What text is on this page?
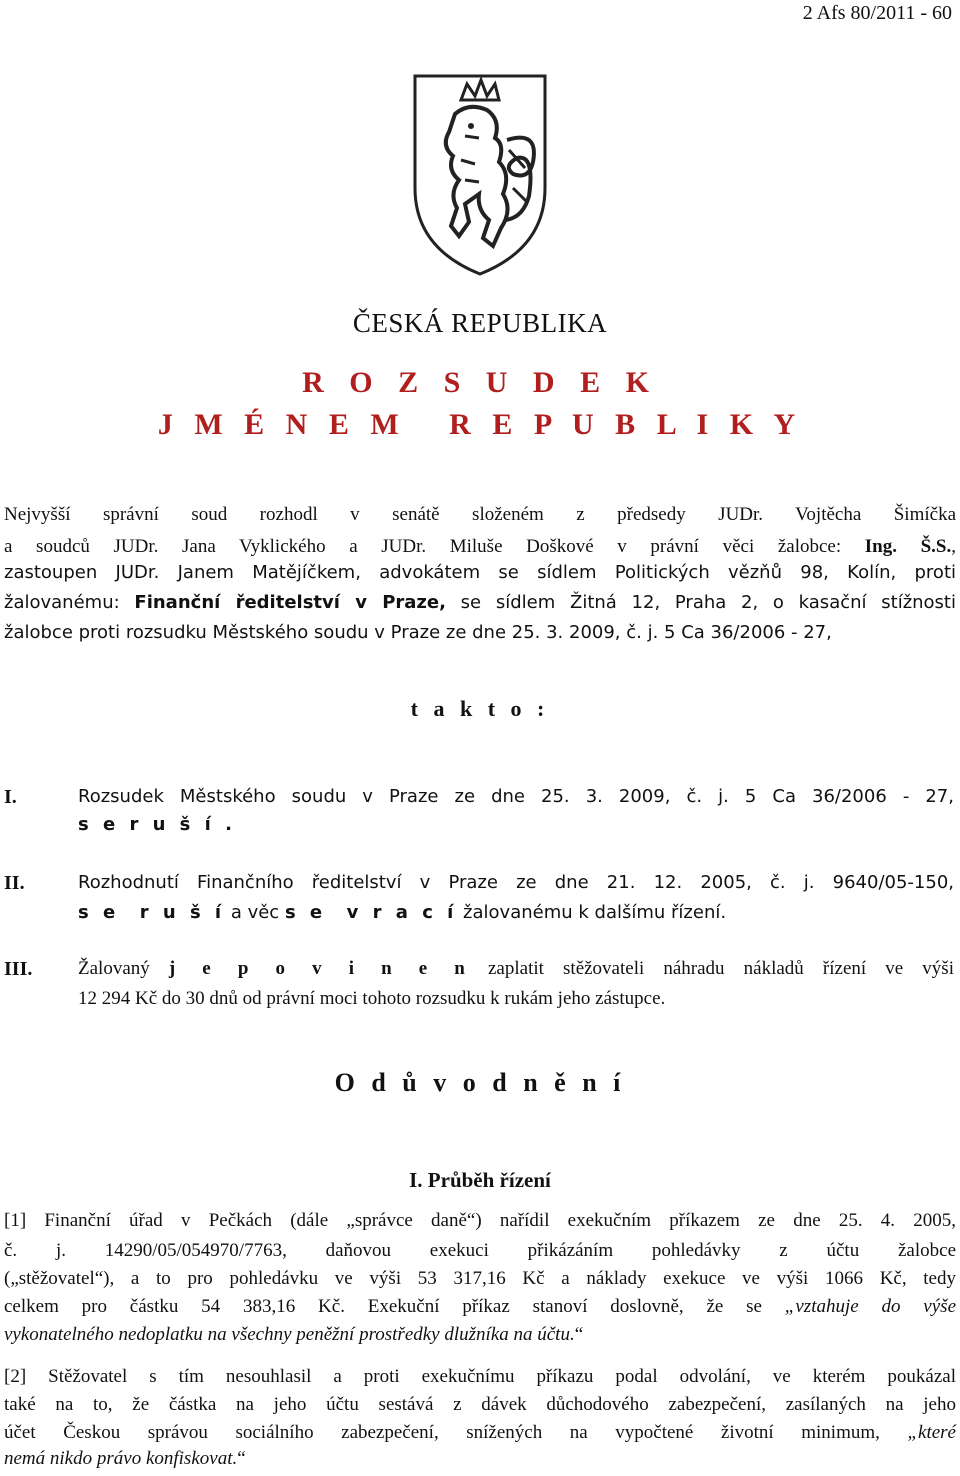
2 Afs 80/2011 - 60
ČESKÁ REPUBLIKA
R O Z S U D E K
J M É N E M   R E P U B L I K Y
Nejvyšší správní soud rozhodl v senátě složeném z předsedy JUDr. Vojtěcha Šimíčka
a soudců JUDr. Jana Vyklického a JUDr. Miluše Doškové v právní věci žalobce: Ing. Š.S.,
zastoupen JUDr. Janem Matějíčkem, advokátem se sídlem Politických vězňů 98, Kolín, proti
žalovanému: Finanční ředitelství v Praze, se sídlem Žitná 12, Praha 2, o kasační stížnosti
žalobce proti rozsudku Městského soudu v Praze ze dne 25. 3. 2009, č. j. 5 Ca 36/2006 - 27,
t a k t o :
I.	Rozsudek Městského soudu v Praze ze dne 25. 3. 2009, č. j. 5 Ca 36/2006 - 27,
s e r u š í .
II.	Rozhodnutí Finančního ředitelství v Praze ze dne 21. 12. 2005, č. j. 9640/05-150,
s e  r u š í a věc s e  v r a c í žalovanému k dalšímu řízení.
III. Žalovaný j e p o v i n e n zaplatit stěžovateli náhradu nákladů řízení ve výši
12 294 Kč do 30 dnů od právní moci tohoto rozsudku k rukám jeho zástupce.
O d ů v o d n ě n í
I. Průběh řízení
[1] Finanční úřad v Pečkách (dále „správce daně“) nařídil exekučním příkazem ze dne 25. 4. 2005,
č. j. 14290/05/054970/7763, daňovou exekuci přikázáním pohledávky z účtu žalobce
(„stěžovatel“), a to pro pohledávku ve výši 53 317,16 Kč a náklady exekuce ve výši 1066 Kč, tedy
celkem pro částku 54 383,16 Kč. Exekuční příkaz stanoví doslovně, že se „vztahuje do výše
vykonatelného nedoplatku na všechny peněžní prostředky dlužníka na účtu.“
[2] Stěžovatel s tím nesouhlasil a proti exekučnímu příkazu podal odvolání, ve kterém poukázal
také na to, že částka na jeho účtu sestává z dávek důchodového zabezpečení, zasílaných na jeho
účet Českou správou sociálního zabezpečení, snížených na vypočtené životní minimum, „které
nemá nikdo právo konfiskovat.“
